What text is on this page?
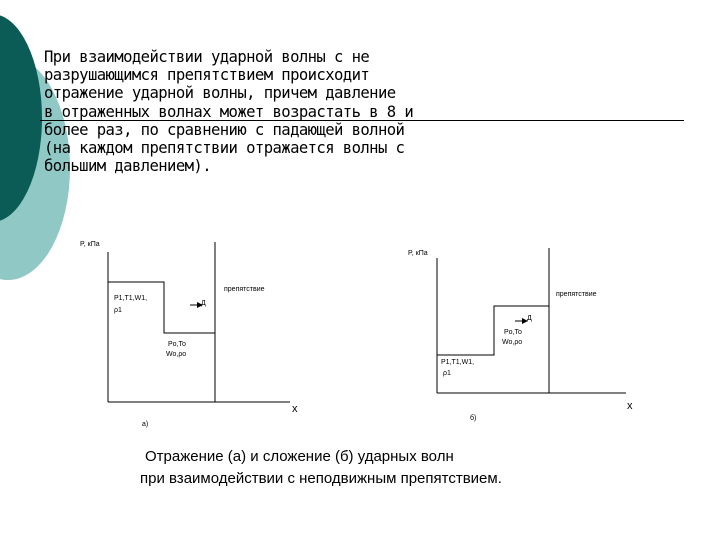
При взаимодействии ударной волны с не
разрушающимся препятствием происходит
отражение ударной волны, причем давление
в отраженных волнах может возрастать в 8 и
более раз, по сравнению с падающей волной
(на каждом препятствии отражается волны с
большим давлением).
P, кПа
x
препятствие
P1,T1,W1,
ρ1
Po,To
Wo,ρo
Д
а)
P, кПа
x
препятствие
P1,T1,W1,
ρ1
Po,To
Wo,ρo
Д
б)
Отражение (а) и сложение (б) ударных волн
при взаимодействии с неподвижным препятствием.
